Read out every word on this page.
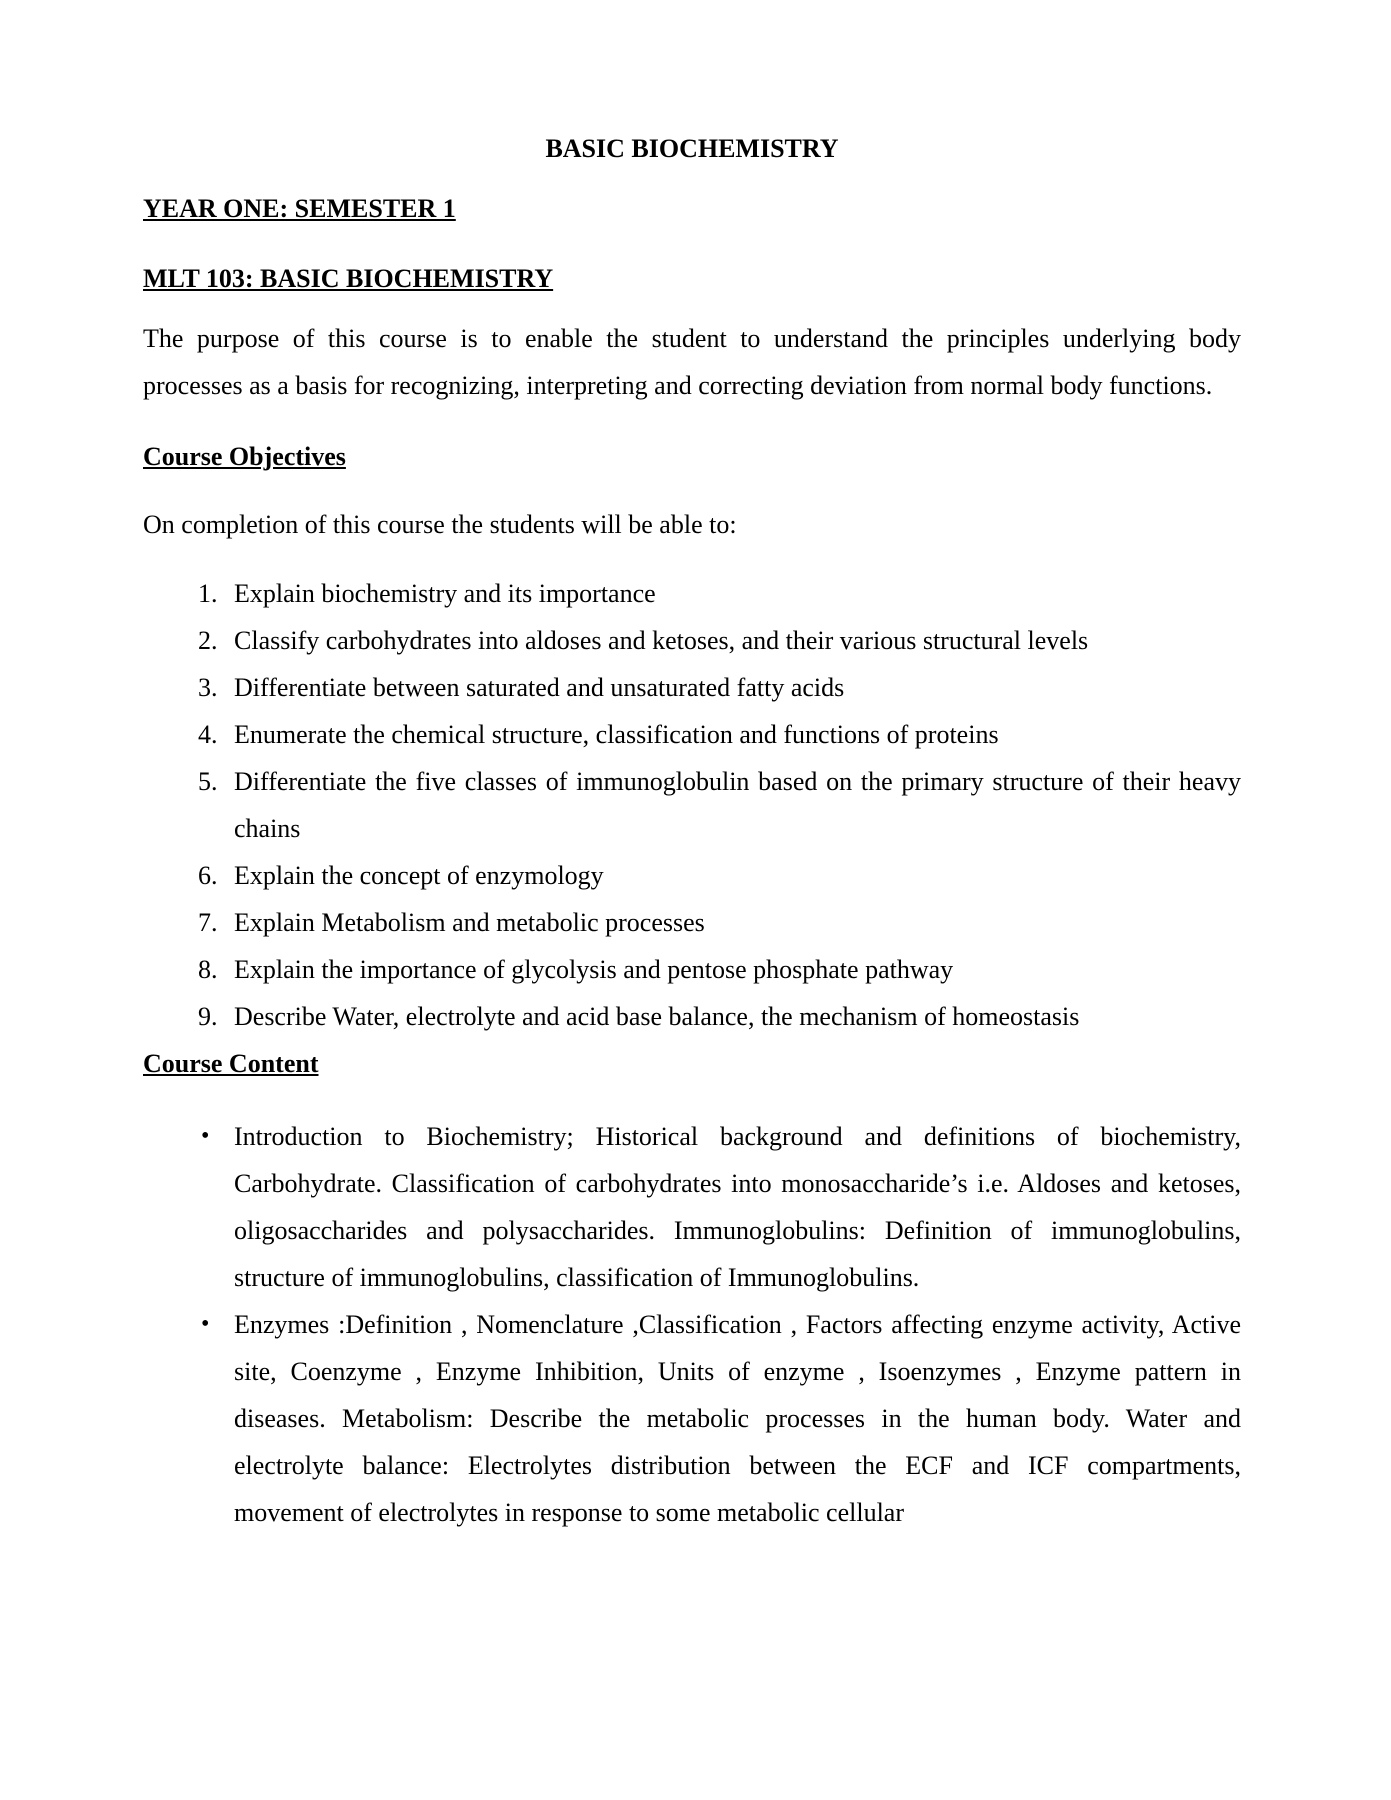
BASIC BIOCHEMISTRY
YEAR ONE: SEMESTER 1
MLT 103: BASIC BIOCHEMISTRY
The purpose of this course is to enable the student to understand the principles underlying body processes as a basis for recognizing, interpreting and correcting deviation from normal body functions.
Course Objectives
On completion of this course the students will be able to:
1. Explain biochemistry and its importance
2. Classify carbohydrates into aldoses and ketoses, and their various structural levels
3. Differentiate between saturated and unsaturated fatty acids
4. Enumerate the chemical structure, classification and functions of proteins
5. Differentiate the five classes of immunoglobulin based on the primary structure of their heavy chains
6. Explain the concept of enzymology
7. Explain Metabolism and metabolic processes
8. Explain the importance of glycolysis and pentose phosphate pathway
9. Describe Water, electrolyte and acid base balance, the mechanism of homeostasis
Course Content
• Introduction to Biochemistry; Historical background and definitions of biochemistry, Carbohydrate. Classification of carbohydrates into monosaccharide’s i.e. Aldoses and ketoses, oligosaccharides and polysaccharides. Immunoglobulins: Definition of immunoglobulins, structure of immunoglobulins, classification of Immunoglobulins.
• Enzymes :Definition , Nomenclature ,Classification , Factors affecting enzyme activity, Active site, Coenzyme , Enzyme Inhibition, Units of enzyme , Isoenzymes , Enzyme pattern in diseases. Metabolism: Describe the metabolic processes in the human body. Water and electrolyte balance: Electrolytes distribution between the ECF and ICF compartments, movement of electrolytes in response to some metabolic cellular
